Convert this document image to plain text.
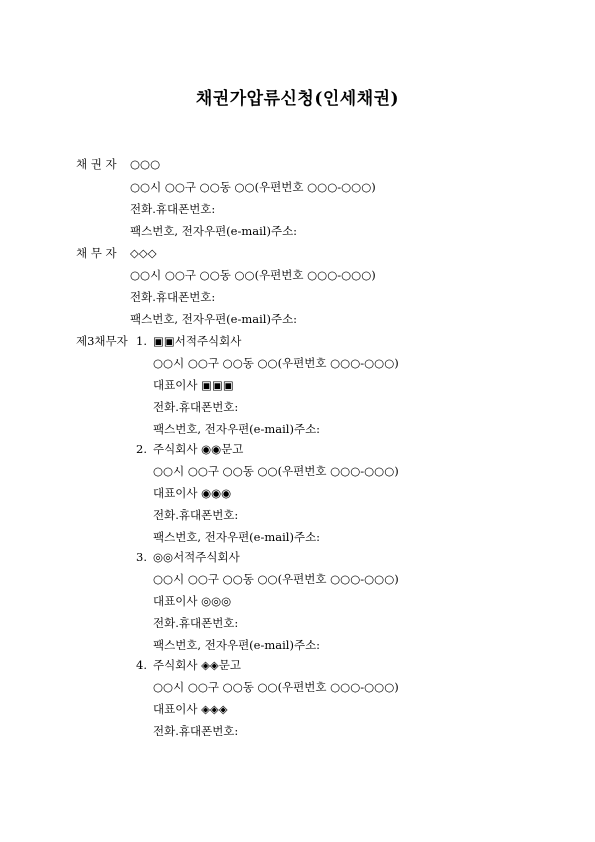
채권가압류신청(인세채권)
채 권 자 ○○○
○○시 ○○구 ○○동 ○○(우편번호 ○○○-○○○)
전화.휴대폰번호:
팩스번호, 전자우편(e-mail)주소:
채 무 자 ◇◇◇
○○시 ○○구 ○○동 ○○(우편번호 ○○○-○○○)
전화.휴대폰번호:
팩스번호, 전자우편(e-mail)주소:
제3채무자 1. ▣▣서적주식회사
○○시 ○○구 ○○동 ○○(우편번호 ○○○-○○○)
대표이사 ▣▣▣
전화.휴대폰번호:
팩스번호, 전자우편(e-mail)주소:
2. 주식회사 ◉◉문고
○○시 ○○구 ○○동 ○○(우편번호 ○○○-○○○)
대표이사 ◉◉◉
전화.휴대폰번호:
팩스번호, 전자우편(e-mail)주소:
3. ◎◎서적주식회사
○○시 ○○구 ○○동 ○○(우편번호 ○○○-○○○)
대표이사 ◎◎◎
전화.휴대폰번호:
팩스번호, 전자우편(e-mail)주소:
4. 주식회사 ◈◈문고
○○시 ○○구 ○○동 ○○(우편번호 ○○○-○○○)
대표이사 ◈◈◈
전화.휴대폰번호:
